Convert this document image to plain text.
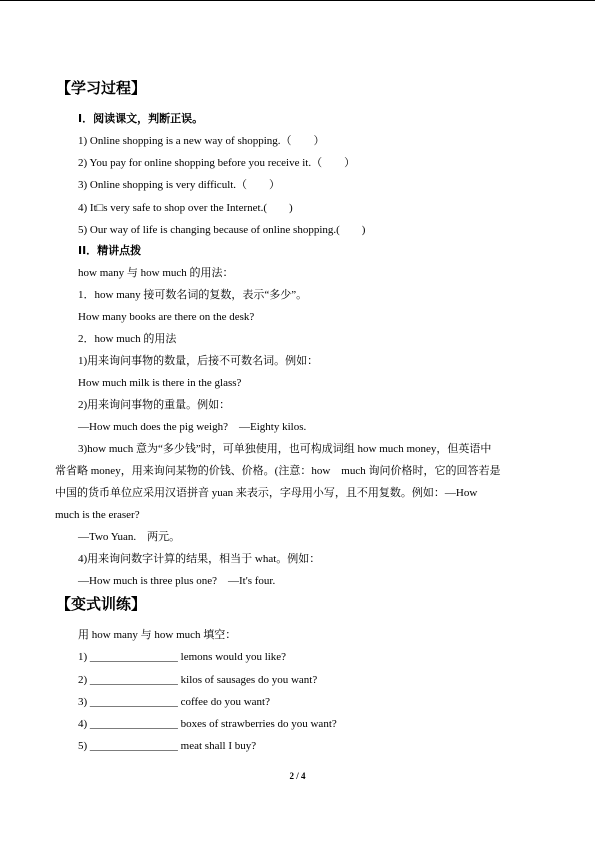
【学习过程】
I．阅读课文，判断正误。
1) Online shopping is a new way of shopping.（　　）
2) You pay for online shopping before you receive it.（　　）
3) Online shopping is very difficult.（　　）
4) It□s very safe to shop over the Internet.(　　)
5) Our way of life is changing because of online shopping.(　　)
II．精讲点拨
how many 与 how much 的用法：
1．how many 接可数名词的复数，表示“多少”。
How many books are there on the desk?
2．how much 的用法
1)用来询问事物的数量，后接不可数名词。例如：
How much milk is there in the glass?
2)用来询问事物的重量。例如：
—How much does the pig weigh?　—Eighty kilos.
3)how much 意为“多少钱”时，可单独使用，也可构成词组 how much money，但英语中
常省略 money，用来询问某物的价钱、价格。(注意：how　much 询问价格时，它的回答若是
中国的货币单位应采用汉语拼音 yuan 来表示，字母用小写，且不用复数。例如：—How
much is the eraser?
—Two Yuan.　两元。
4)用来询问数字计算的结果，相当于 what。例如：
—How much is three plus one?　—It's four.
【变式训练】
用 how many 与 how much 填空：
1) ________________ lemons would you like?
2) ________________ kilos of sausages do you want?
3) ________________ coffee do you want?
4) ________________ boxes of strawberries do you want?
5) ________________ meat shall I buy?
2 / 4
